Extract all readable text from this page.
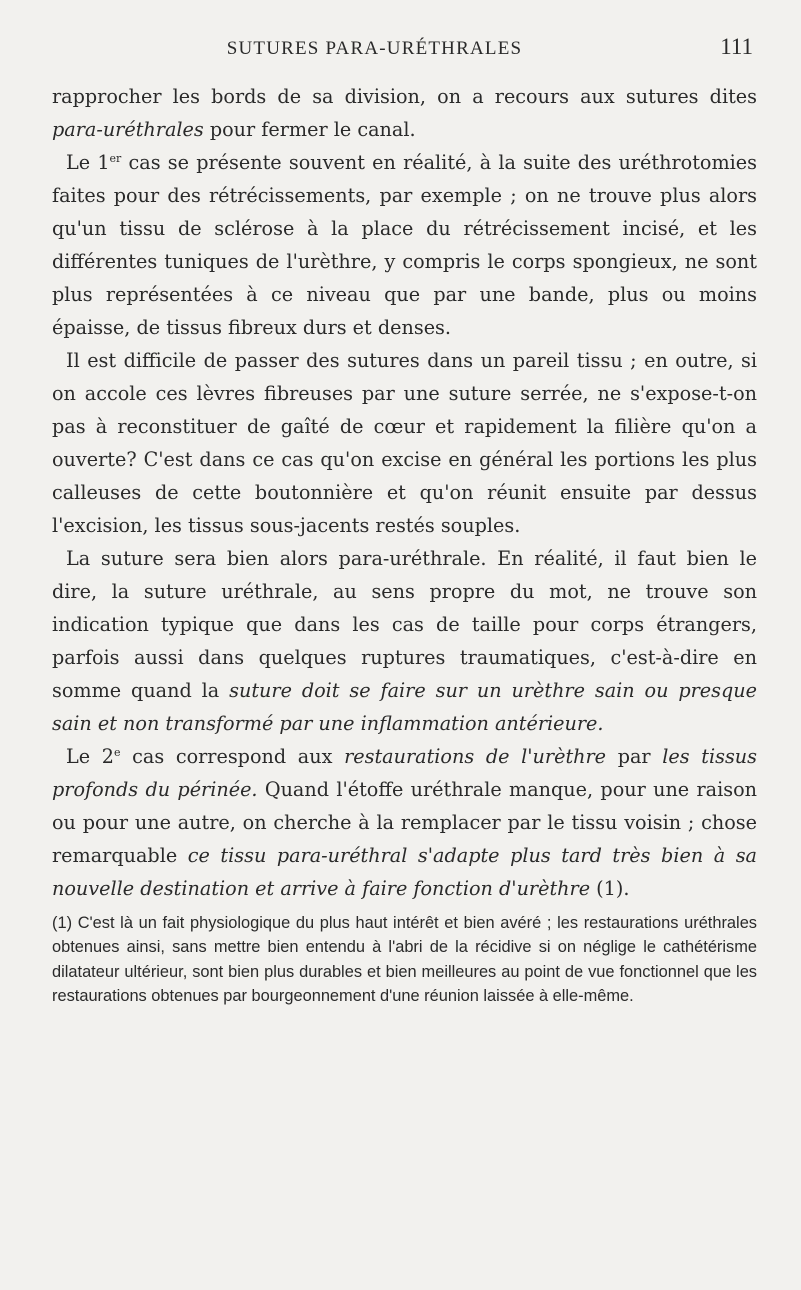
SUTURES PARA-URÉTHRALES	111

rapprocher les bords de sa division, on a recours aux sutures dites para-uréthrales pour fermer le canal.

Le 1er cas se présente souvent en réalité, à la suite des uréthrotomies faites pour des rétrécissements, par exemple ; on ne trouve plus alors qu'un tissu de sclérose à la place du rétrécissement incisé, et les différentes tuniques de l'urèthre, y compris le corps spongieux, ne sont plus représentées à ce niveau que par une bande, plus ou moins épaisse, de tissus fibreux durs et denses.

Il est difficile de passer des sutures dans un pareil tissu ; en outre, si on accole ces lèvres fibreuses par une suture serrée, ne s'expose-t-on pas à reconstituer de gaîté de cœur et rapidement la filière qu'on a ouverte? C'est dans ce cas qu'on excise en général les portions les plus calleuses de cette boutonnière et qu'on réunit ensuite par dessus l'excision, les tissus sous-jacents restés souples.

La suture sera bien alors para-uréthrale. En réalité, il faut bien le dire, la suture uréthrale, au sens propre du mot, ne trouve son indication typique que dans les cas de taille pour corps étrangers, parfois aussi dans quelques ruptures traumatiques, c'est-à-dire en somme quand la suture doit se faire sur un urèthre sain ou presque sain et non transformé par une inflammation antérieure.

Le 2e cas correspond aux restaurations de l'urèthre par les tissus profonds du périnée. Quand l'étoffe uréthrale manque, pour une raison ou pour une autre, on cherche à la remplacer par le tissu voisin ; chose remarquable ce tissu para-uréthral s'adapte plus tard très bien à sa nouvelle destination et arrive à faire fonction d'urèthre (1).

(1) C'est là un fait physiologique du plus haut intérêt et bien avéré ; les restaurations uréthrales obtenues ainsi, sans mettre bien entendu à l'abri de la récidive si on néglige le cathétérisme dilatateur ultérieur, sont bien plus durables et bien meilleures au point de vue fonctionnel que les restaurations obtenues par bourgeonnement d'une réunion laissée à elle-même.
